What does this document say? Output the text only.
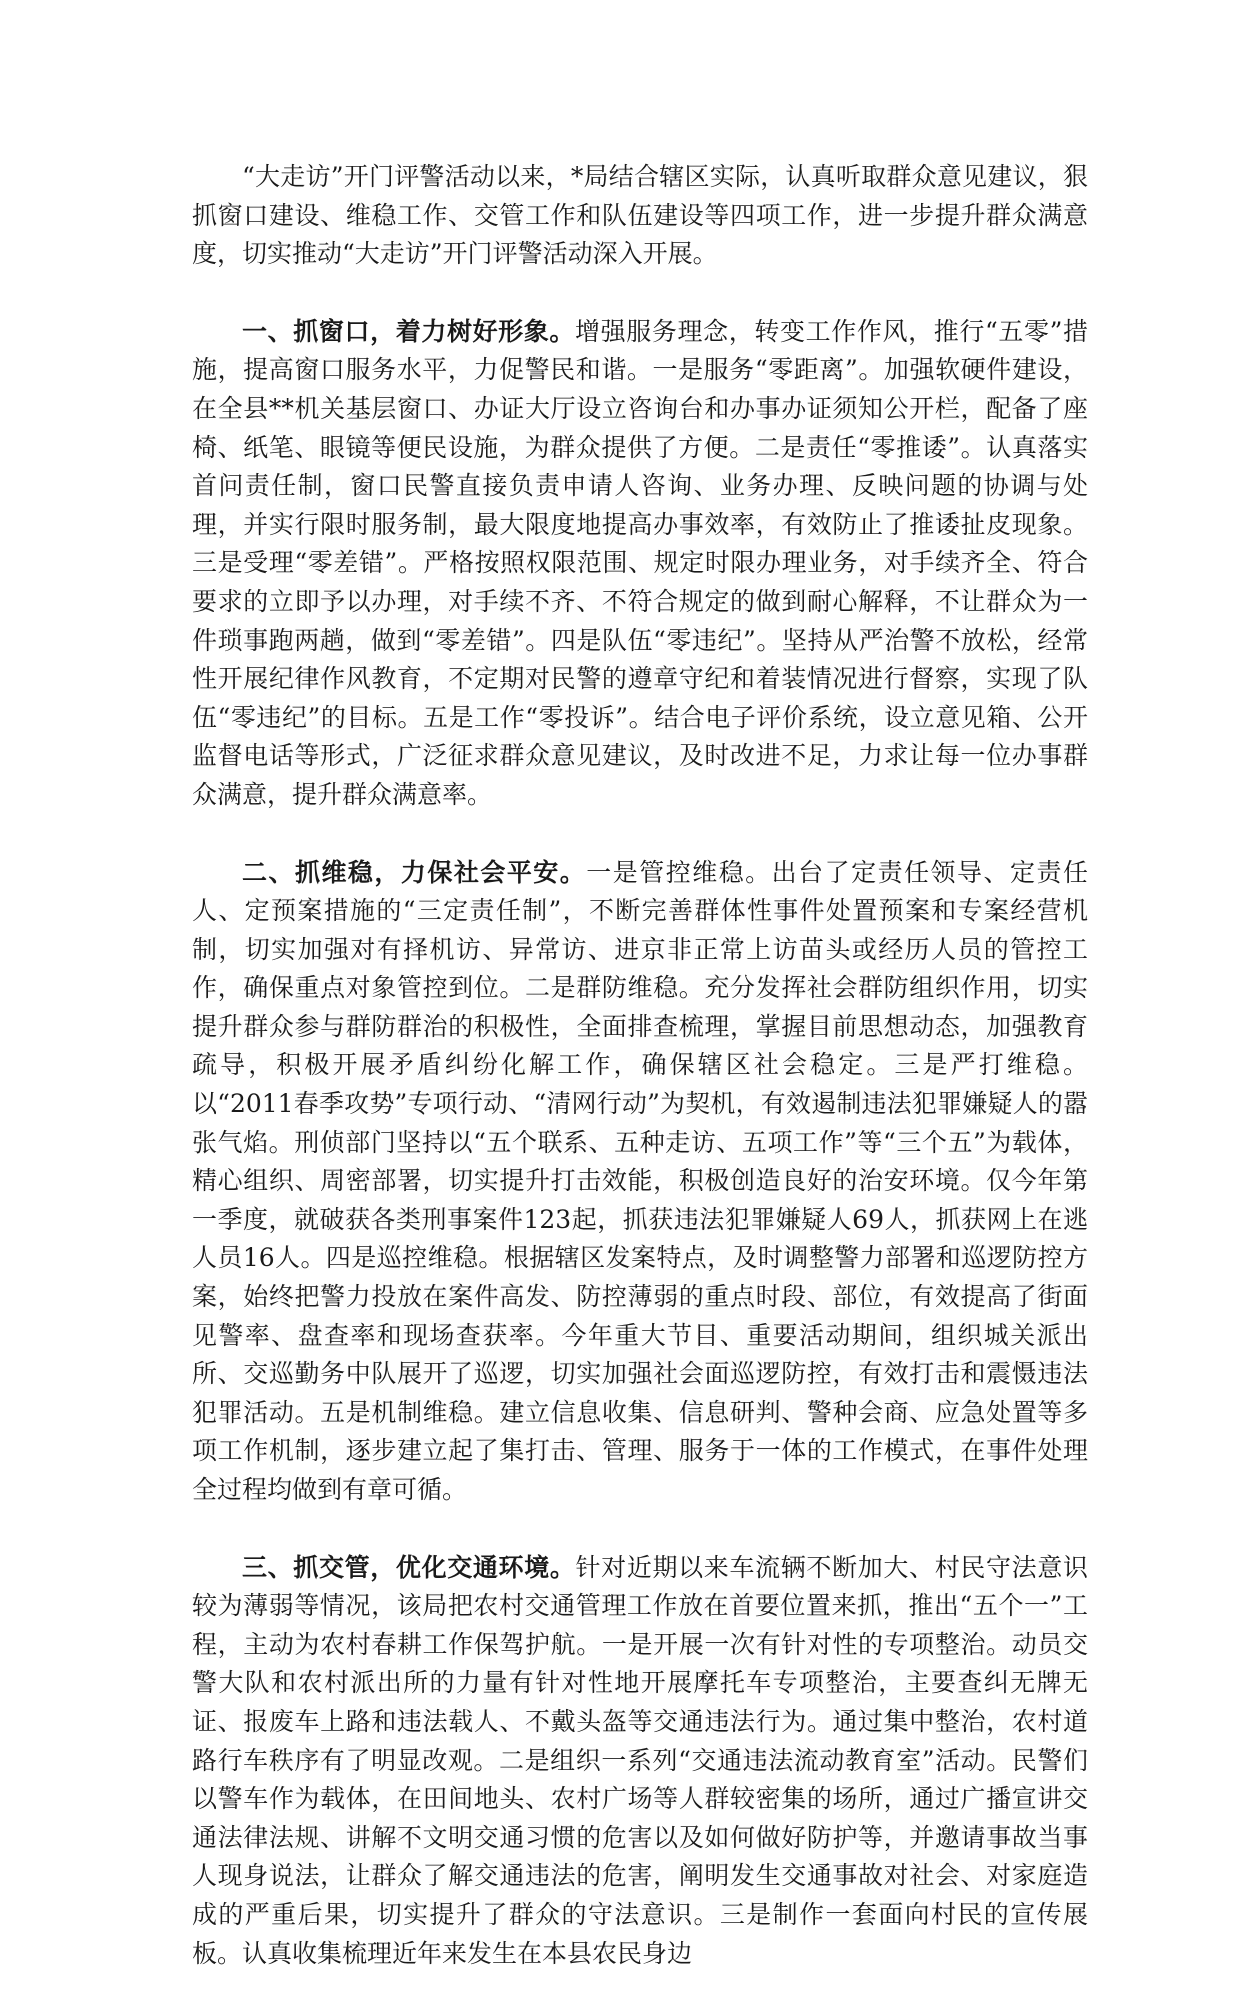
“大走访”开门评警活动以来，*局结合辖区实际，认真听取群众意见建议，狠抓窗口建设、维稳工作、交管工作和队伍建设等四项工作，进一步提升群众满意度，切实推动“大走访”开门评警活动深入开展。

一、抓窗口，着力树好形象。增强服务理念，转变工作作风，推行“五零”措施，提高窗口服务水平，力促警民和谐。一是服务“零距离”。加强软硬件建设，在全县**机关基层窗口、办证大厅设立咨询台和办事办证须知公开栏，配备了座椅、纸笔、眼镜等便民设施，为群众提供了方便。二是责任“零推诿”。认真落实首问责任制，窗口民警直接负责申请人咨询、业务办理、反映问题的协调与处理，并实行限时服务制，最大限度地提高办事效率，有效防止了推诿扯皮现象。三是受理“零差错”。严格按照权限范围、规定时限办理业务，对手续齐全、符合要求的立即予以办理，对手续不齐、不符合规定的做到耐心解释，不让群众为一件琐事跑两趟，做到“零差错”。四是队伍“零违纪”。坚持从严治警不放松，经常性开展纪律作风教育，不定期对民警的遵章守纪和着装情况进行督察，实现了队伍“零违纪”的目标。五是工作“零投诉”。结合电子评价系统，设立意见箱、公开监督电话等形式，广泛征求群众意见建议，及时改进不足，力求让每一位办事群众满意，提升群众满意率。

二、抓维稳，力保社会平安。一是管控维稳。出台了定责任领导、定责任人、定预案措施的“三定责任制”，不断完善群体性事件处置预案和专案经营机制，切实加强对有择机访、异常访、进京非正常上访苗头或经历人员的管控工作，确保重点对象管控到位。二是群防维稳。充分发挥社会群防组织作用，切实提升群众参与群防群治的积极性，全面排查梳理，掌握目前思想动态，加强教育疏导，积极开展矛盾纠纷化解工作，确保辖区社会稳定。三是严打维稳。以“2011春季攻势”专项行动、“清网行动”为契机，有效遏制违法犯罪嫌疑人的嚣张气焰。刑侦部门坚持以“五个联系、五种走访、五项工作”等“三个五”为载体，精心组织、周密部署，切实提升打击效能，积极创造良好的治安环境。仅今年第一季度，就破获各类刑事案件123起，抓获违法犯罪嫌疑人69人，抓获网上在逃人员16人。四是巡控维稳。根据辖区发案特点，及时调整警力部署和巡逻防控方案，始终把警力投放在案件高发、防控薄弱的重点时段、部位，有效提高了街面见警率、盘查率和现场查获率。今年重大节目、重要活动期间，组织城关派出所、交巡勤务中队展开了巡逻，切实加强社会面巡逻防控，有效打击和震慑违法犯罪活动。五是机制维稳。建立信息收集、信息研判、警种会商、应急处置等多项工作机制，逐步建立起了集打击、管理、服务于一体的工作模式，在事件处理全过程均做到有章可循。

三、抓交管，优化交通环境。针对近期以来车流辆不断加大、村民守法意识较为薄弱等情况，该局把农村交通管理工作放在首要位置来抓，推出“五个一”工程，主动为农村春耕工作保驾护航。一是开展一次有针对性的专项整治。动员交警大队和农村派出所的力量有针对性地开展摩托车专项整治，主要查纠无牌无证、报废车上路和违法载人、不戴头盔等交通违法行为。通过集中整治，农村道路行车秩序有了明显改观。二是组织一系列“交通违法流动教育室”活动。民警们以警车作为载体，在田间地头、农村广场等人群较密集的场所，通过广播宣讲交通法律法规、讲解不文明交通习惯的危害以及如何做好防护等，并邀请事故当事人现身说法，让群众了解交通违法的危害，阐明发生交通事故对社会、对家庭造成的严重后果，切实提升了群众的守法意识。三是制作一套面向村民的宣传展板。认真收集梳理近年来发生在本县农民身边
